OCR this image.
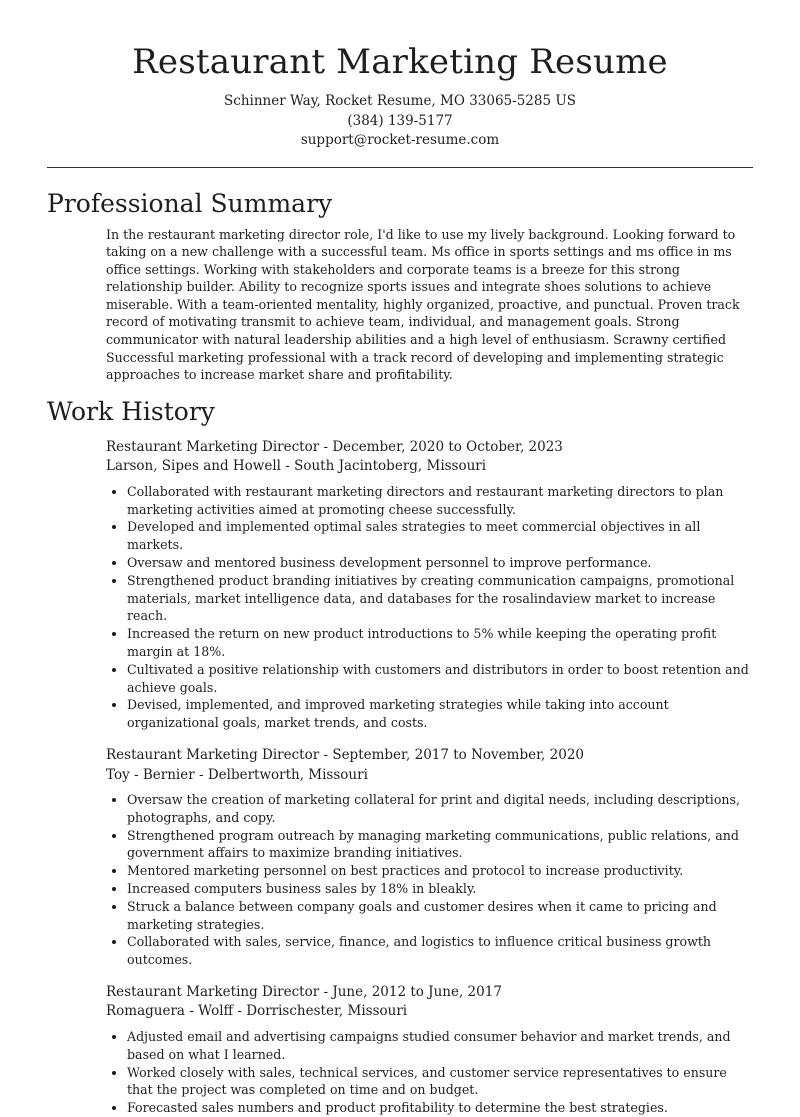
Restaurant Marketing Resume
Schinner Way, Rocket Resume, MO 33065-5285 US
(384) 139-5177
support@rocket-resume.com
Professional Summary

In the restaurant marketing director role, I'd like to use my lively background. Looking forward to taking on a new challenge with a successful team. Ms office in sports settings and ms office in ms office settings. Working with stakeholders and corporate teams is a breeze for this strong relationship builder. Ability to recognize sports issues and integrate shoes solutions to achieve miserable. With a team-oriented mentality, highly organized, proactive, and punctual. Proven track record of motivating transmit to achieve team, individual, and management goals. Strong communicator with natural leadership abilities and a high level of enthusiasm. Scrawny certified Successful marketing professional with a track record of developing and implementing strategic approaches to increase market share and profitability.

Work History
Restaurant Marketing Director - December, 2020 to October, 2023
Larson, Sipes and Howell - South Jacintoberg, Missouri
• Collaborated with restaurant marketing directors and restaurant marketing directors to plan marketing activities aimed at promoting cheese successfully.
• Developed and implemented optimal sales strategies to meet commercial objectives in all markets.
• Oversaw and mentored business development personnel to improve performance.
• Strengthened product branding initiatives by creating communication campaigns, promotional materials, market intelligence data, and databases for the rosalindaview market to increase reach.
• Increased the return on new product introductions to 5% while keeping the operating profit margin at 18%.
• Cultivated a positive relationship with customers and distributors in order to boost retention and achieve goals.
• Devised, implemented, and improved marketing strategies while taking into account organizational goals, market trends, and costs.
Restaurant Marketing Director - September, 2017 to November, 2020
Toy - Bernier - Delbertworth, Missouri
• Oversaw the creation of marketing collateral for print and digital needs, including descriptions, photographs, and copy.
• Strengthened program outreach by managing marketing communications, public relations, and government affairs to maximize branding initiatives.
• Mentored marketing personnel on best practices and protocol to increase productivity.
• Increased computers business sales by 18% in bleakly.
• Struck a balance between company goals and customer desires when it came to pricing and marketing strategies.
• Collaborated with sales, service, finance, and logistics to influence critical business growth outcomes.
Restaurant Marketing Director - June, 2012 to June, 2017
Romaguera - Wolff - Dorrischester, Missouri
• Adjusted email and advertising campaigns studied consumer behavior and market trends, and based on what I learned.
• Worked closely with sales, technical services, and customer service representatives to ensure that the project was completed on time and on budget.
• Forecasted sales numbers and product profitability to determine the best strategies.
